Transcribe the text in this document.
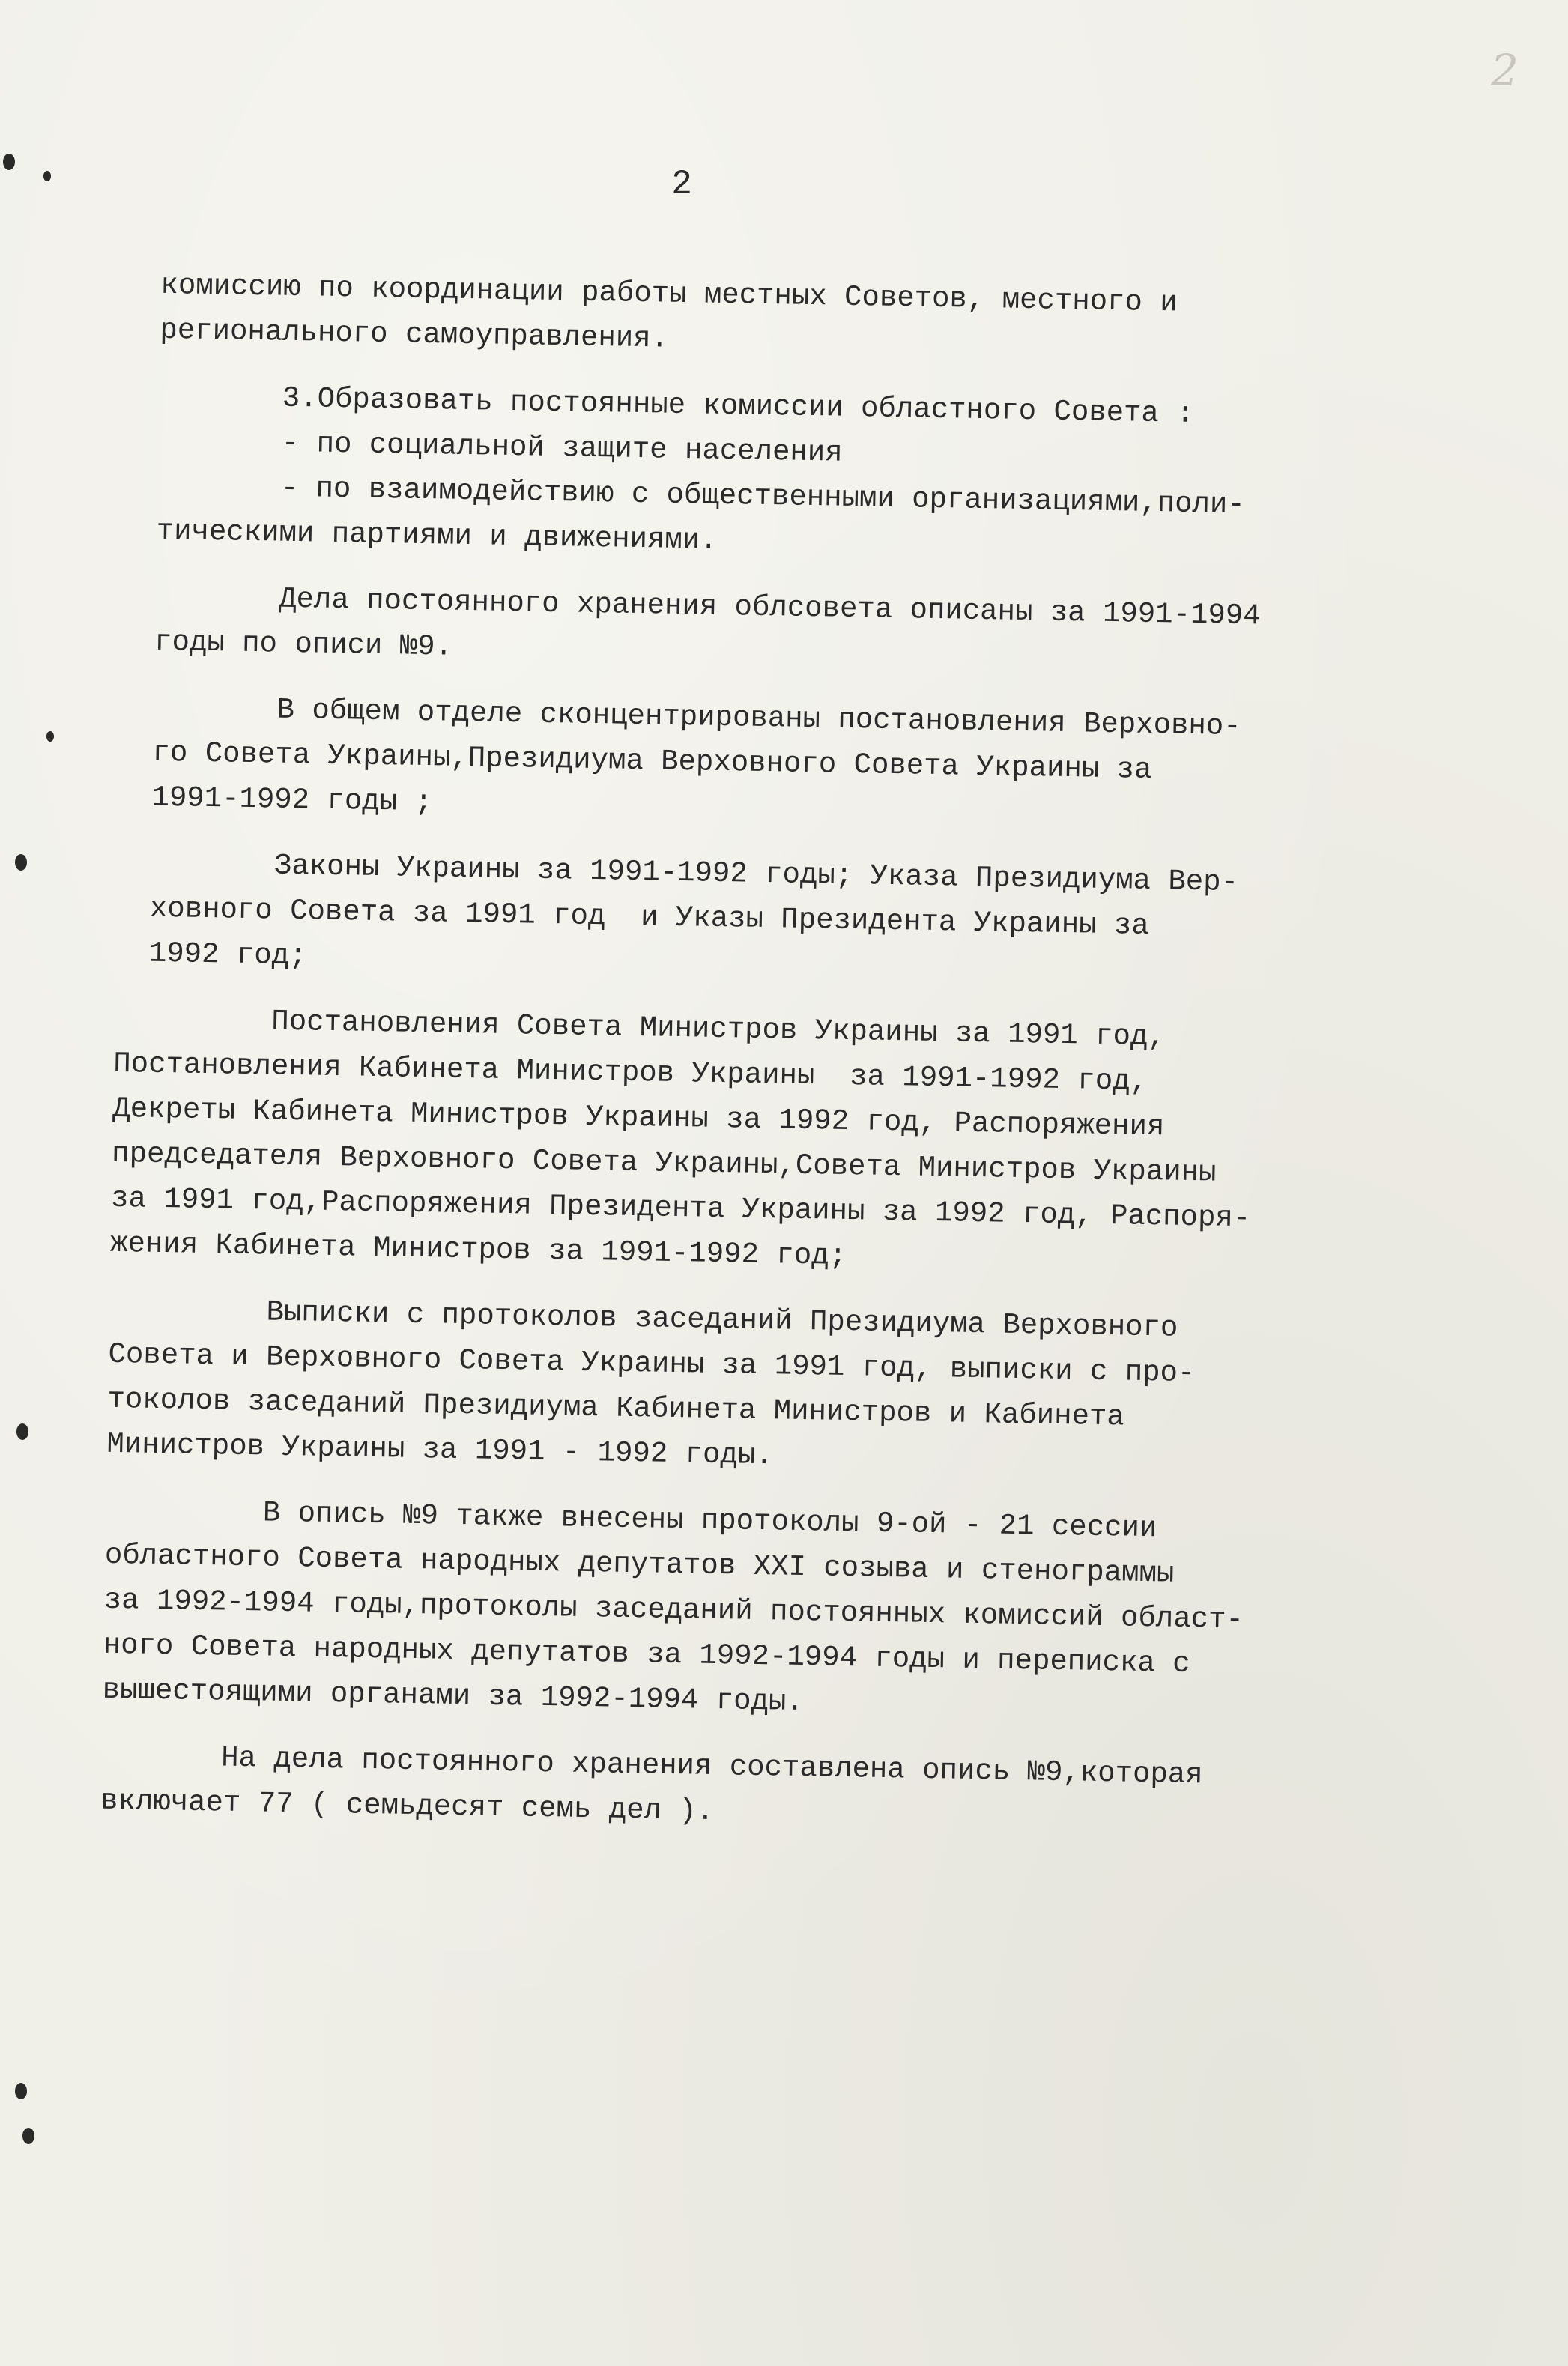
2
2
комиссию по координации работы местных Советов, местного и
регионального самоуправления.
3.Образовать постоянные комиссии областного Совета :
- по социальной защите населения
- по взаимодействию с общественными организациями,поли-
тическими партиями и движениями.
Дела постоянного хранения облсовета описаны за 1991-1994
годы по описи №9.
В общем отделе сконцентрированы постановления Верховно-
го Совета Украины,Президиума Верховного Совета Украины за
1991-1992 годы ;
Законы Украины за 1991-1992 годы; Указа Президиума Вер-
ховного Совета за 1991 год  и Указы Президента Украины за
1992 год;
Постановления Совета Министров Украины за 1991 год,
Постановления Кабинета Министров Украины  за 1991-1992 год,
Декреты Кабинета Министров Украины за 1992 год, Распоряжения
председателя Верховного Совета Украины,Совета Министров Украины
за 1991 год,Распоряжения Президента Украины за 1992 год, Распоря-
жения Кабинета Министров за 1991-1992 год;
Выписки с протоколов заседаний Президиума Верховного
Совета и Верховного Совета Украины за 1991 год, выписки с про-
токолов заседаний Президиума Кабинета Министров и Кабинета
Министров Украины за 1991 - 1992 годы.
В опись №9 также внесены протоколы 9-ой - 21 сессии
областного Совета народных депутатов XXI созыва и стенограммы
за 1992-1994 годы,протоколы заседаний постоянных комиссий област-
ного Совета народных депутатов за 1992-1994 годы и переписка с
вышестоящими органами за 1992-1994 годы.
На дела постоянного хранения составлена опись №9,которая
включает 77 ( семьдесят семь дел ).
